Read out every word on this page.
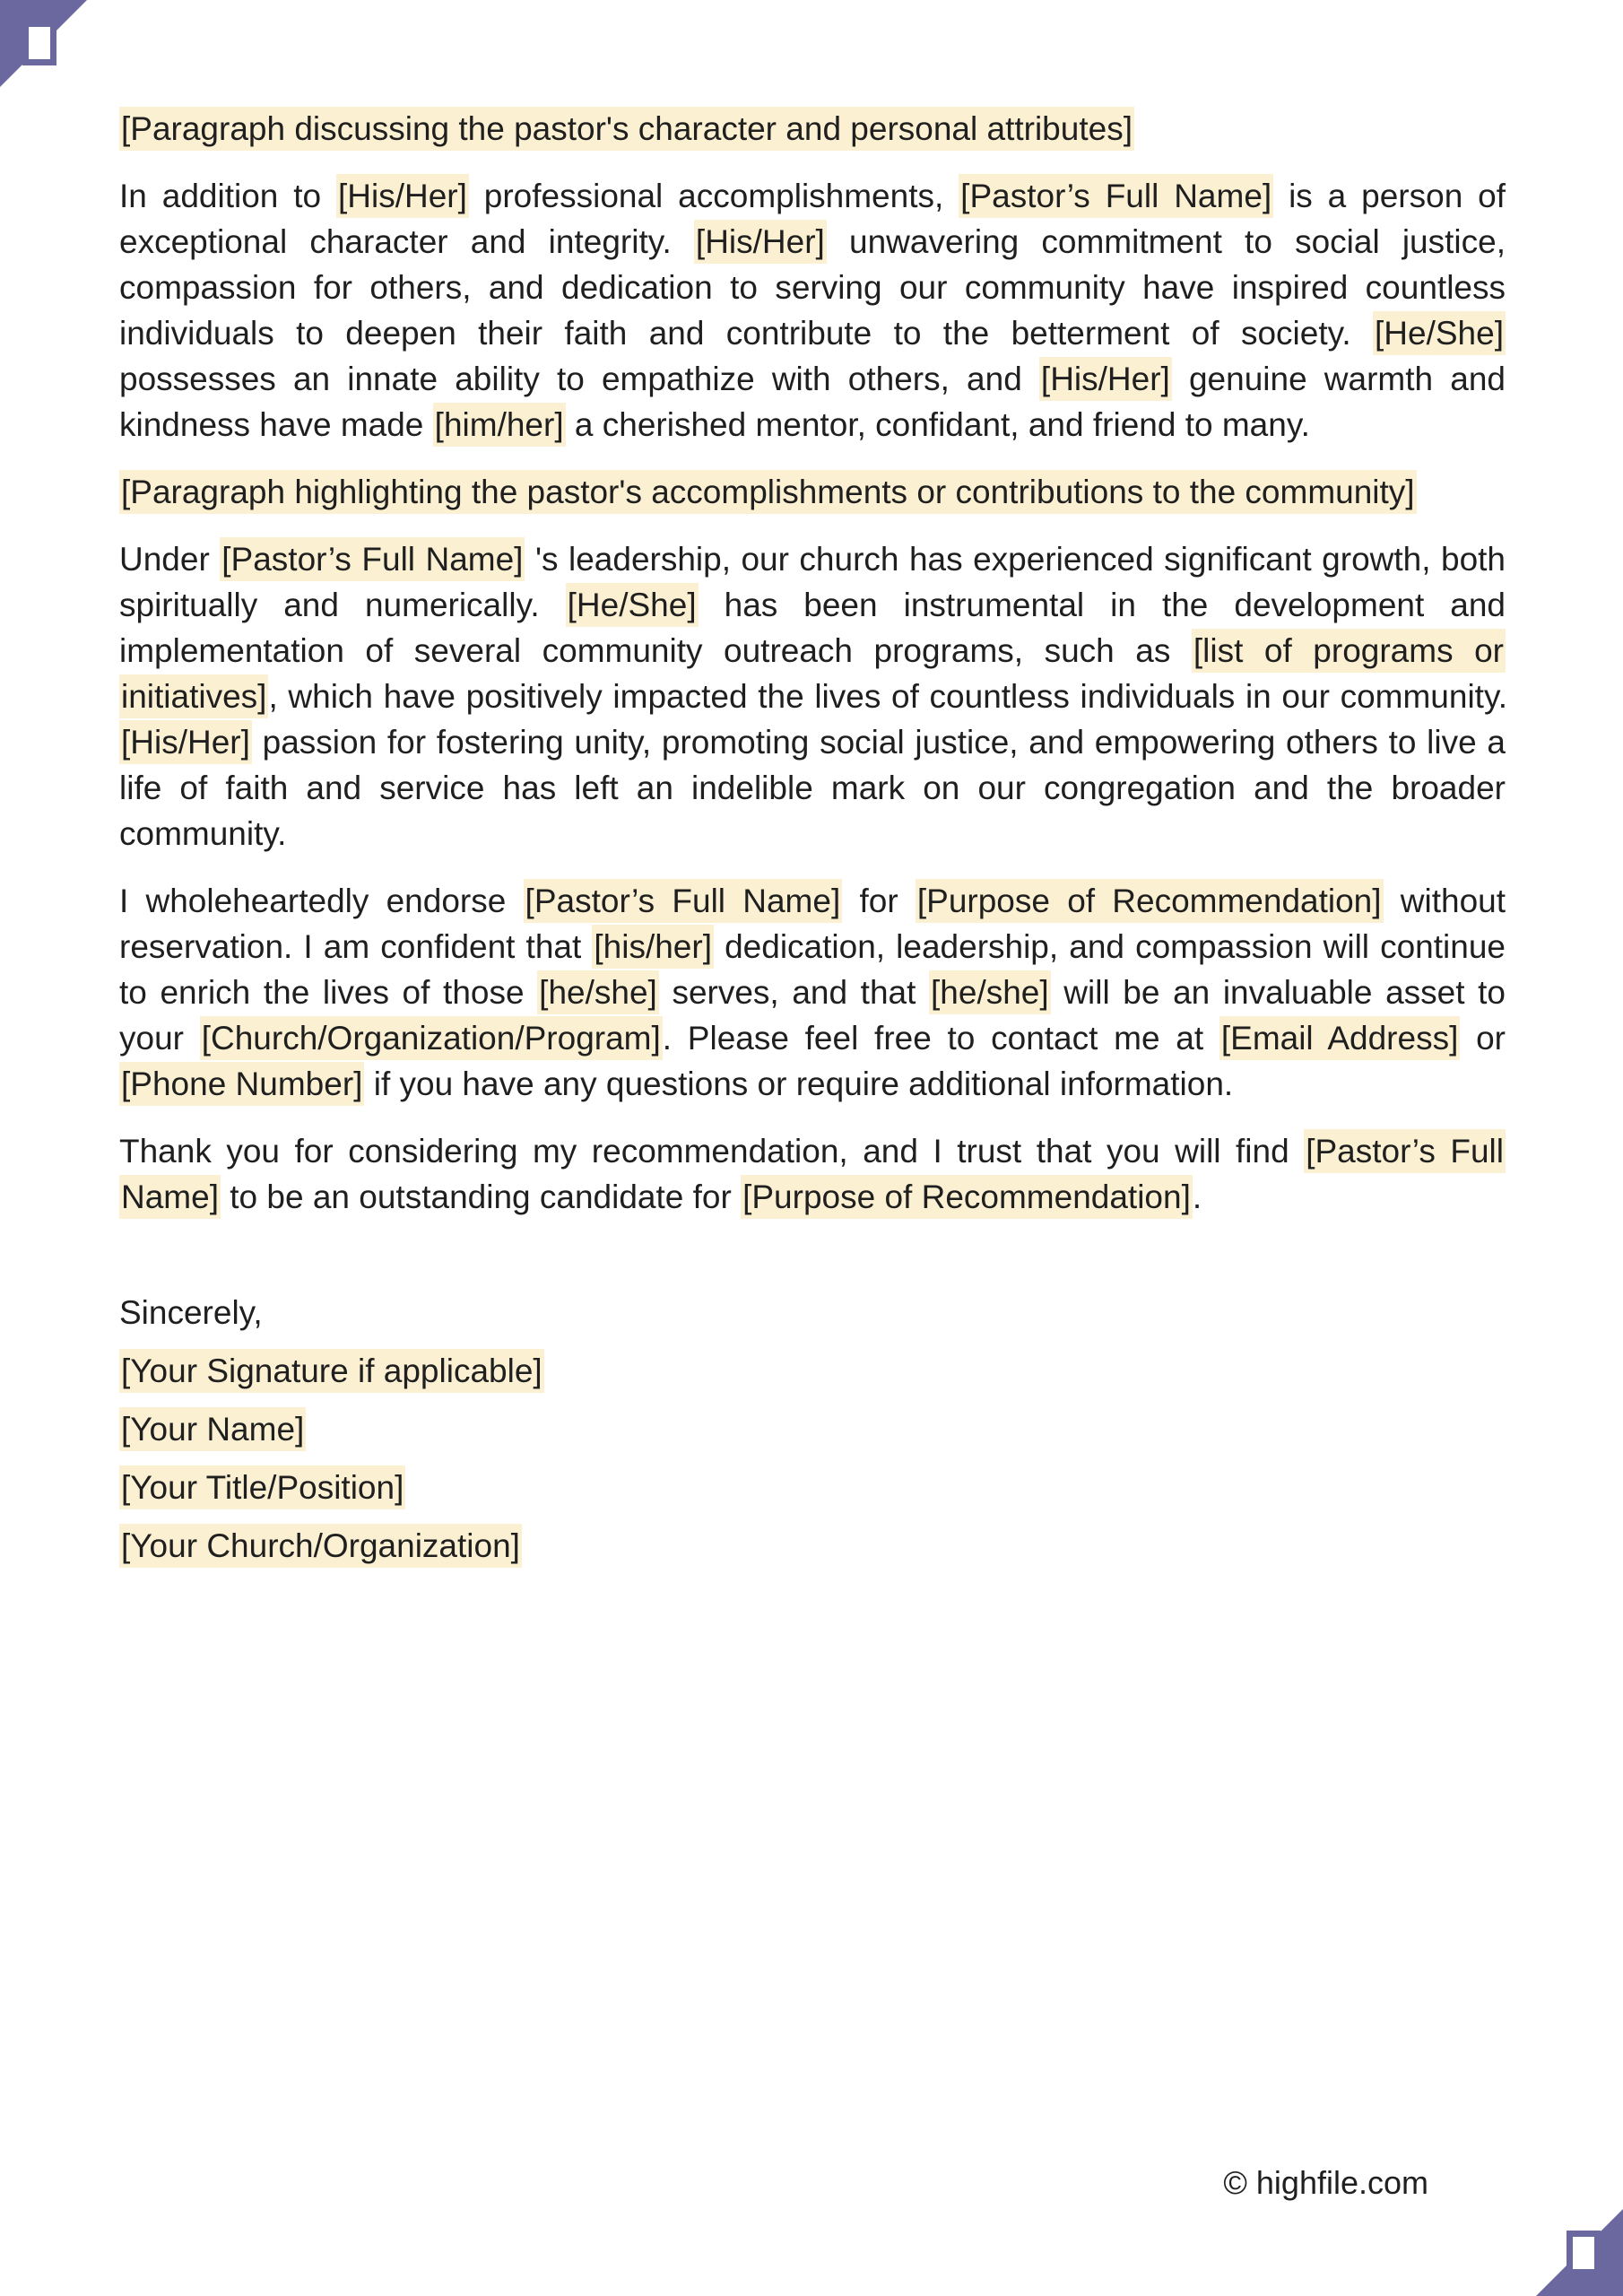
[Paragraph discussing the pastor's character and personal attributes]

In addition to [His/Her] professional accomplishments, [Pastor’s Full Name] is a person of exceptional character and integrity. [His/Her] unwavering commitment to social justice, compassion for others, and dedication to serving our community have inspired countless individuals to deepen their faith and contribute to the betterment of society. [He/She] possesses an innate ability to empathize with others, and [His/Her] genuine warmth and kindness have made [him/her] a cherished mentor, confidant, and friend to many.

[Paragraph highlighting the pastor's accomplishments or contributions to the community]

Under [Pastor’s Full Name] 's leadership, our church has experienced significant growth, both spiritually and numerically. [He/She] has been instrumental in the development and implementation of several community outreach programs, such as [list of programs or initiatives], which have positively impacted the lives of countless individuals in our community. [His/Her] passion for fostering unity, promoting social justice, and empowering others to live a life of faith and service has left an indelible mark on our congregation and the broader community.

I wholeheartedly endorse [Pastor’s Full Name] for [Purpose of Recommendation] without reservation. I am confident that [his/her] dedication, leadership, and compassion will continue to enrich the lives of those [he/she] serves, and that [he/she] will be an invaluable asset to your [Church/Organization/Program]. Please feel free to contact me at [Email Address] or [Phone Number] if you have any questions or require additional information.

Thank you for considering my recommendation, and I trust that you will find [Pastor’s Full Name] to be an outstanding candidate for [Purpose of Recommendation].

Sincerely,

[Your Signature if applicable]

[Your Name]

[Your Title/Position]

[Your Church/Organization]

© highfile.com
